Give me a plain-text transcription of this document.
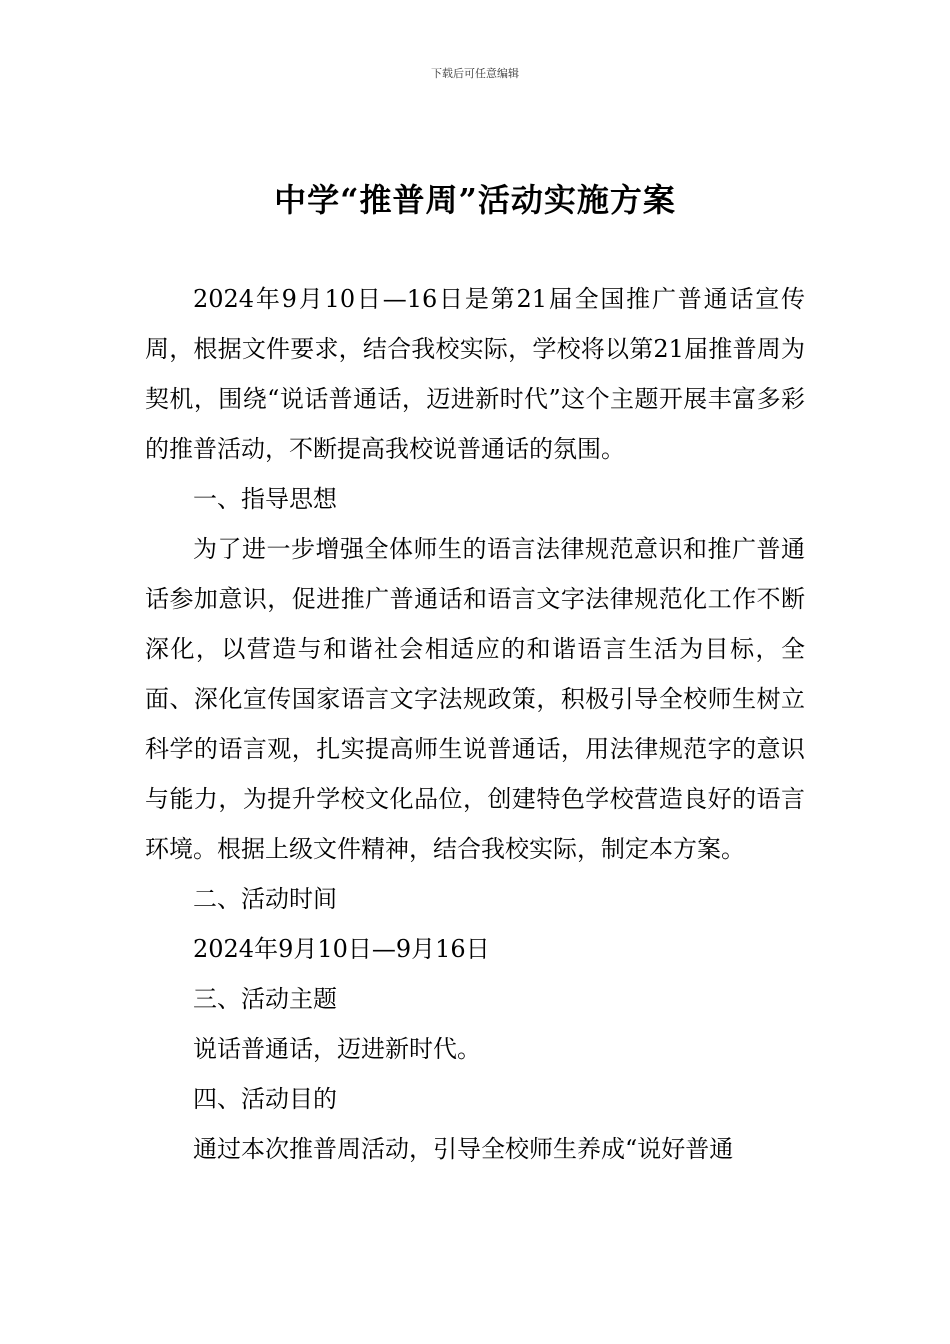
下载后可任意编辑
中学“推普周”活动实施方案

2024年9月10日—16日是第21届全国推广普通话宣传周，根据文件要求，结合我校实际，学校将以第21届推普周为契机，围绕“说话普通话，迈进新时代”这个主题开展丰富多彩的推普活动，不断提高我校说普通话的氛围。

一、指导思想

为了进一步增强全体师生的语言法律规范意识和推广普通话参加意识，促进推广普通话和语言文字法律规范化工作不断深化，以营造与和谐社会相适应的和谐语言生活为目标，全面、深化宣传国家语言文字法规政策，积极引导全校师生树立科学的语言观，扎实提高师生说普通话，用法律规范字的意识与能力，为提升学校文化品位，创建特色学校营造良好的语言环境。根据上级文件精神，结合我校实际，制定本方案。

二、活动时间

2024年9月10日—9月16日

三、活动主题

说话普通话，迈进新时代。

四、活动目的

通过本次推普周活动，引导全校师生养成“说好普通
